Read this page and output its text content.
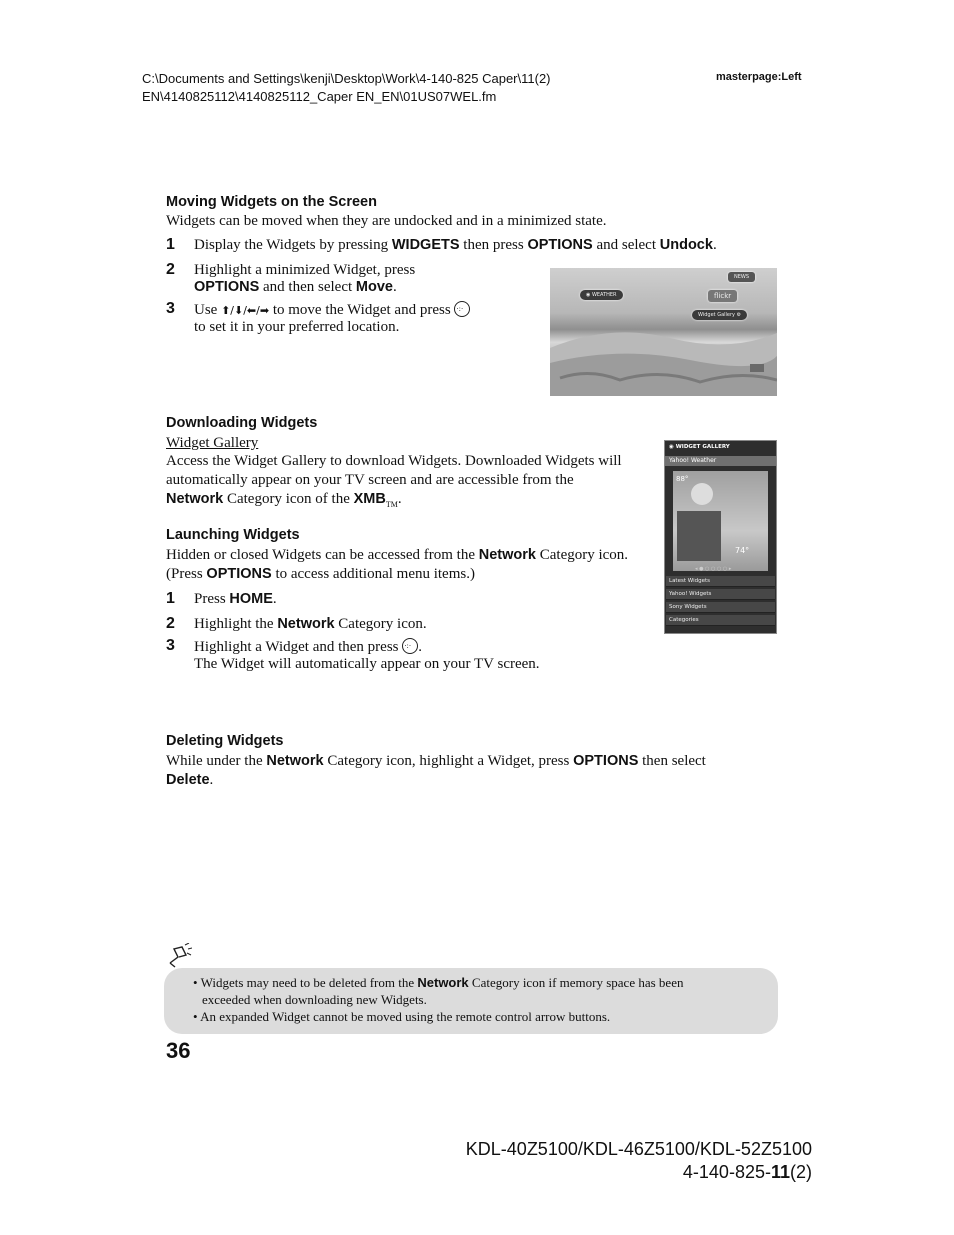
C:\Documents and Settings\kenji\Desktop\Work\4-140-825 Caper\11(2)
EN\4140825112\4140825112_Caper EN_EN\01US07WEL.fm
masterpage:Left
Moving Widgets on the Screen
Widgets can be moved when they are undocked and in a minimized state.
1 Display the Widgets by pressing WIDGETS then press OPTIONS and select Undock.
2 Highlight a minimized Widget, press
OPTIONS and then select Move.
3 Use ⬆/⬇/⬅/➡ to move the Widget and press ·:·
to set it in your preferred location.
◉ WEATHER
NEWS
flickr
Widget Gallery ⚙
Downloading Widgets
Widget Gallery
Access the Widget Gallery to download Widgets. Downloaded Widgets will
automatically appear on your TV screen and are accessible from the
Network Category icon of the $XMB_{TM}$.
◉ WIDGET GALLERY
Yahoo! Weather
88°
74°
◂ ● ○ ○ ○ ○ ▸
Latest Widgets
Yahoo! Widgets
Sony Widgets
Categories
Launching Widgets
Hidden or closed Widgets can be accessed from the Network Category icon.
(Press OPTIONS to access additional menu items.)
1 Press HOME.
2 Highlight the Network Category icon.
3 Highlight a Widget and then press ·:·.
The Widget will automatically appear on your TV screen.
Deleting Widgets
While under the Network Category icon, highlight a Widget, press OPTIONS then select
Delete.
• Widgets may need to be deleted from the Network Category icon if memory space has been
exceeded when downloading new Widgets.
• An expanded Widget cannot be moved using the remote control arrow buttons.
36
KDL-40Z5100/KDL-46Z5100/KDL-52Z5100
4-140-825-11(2)
